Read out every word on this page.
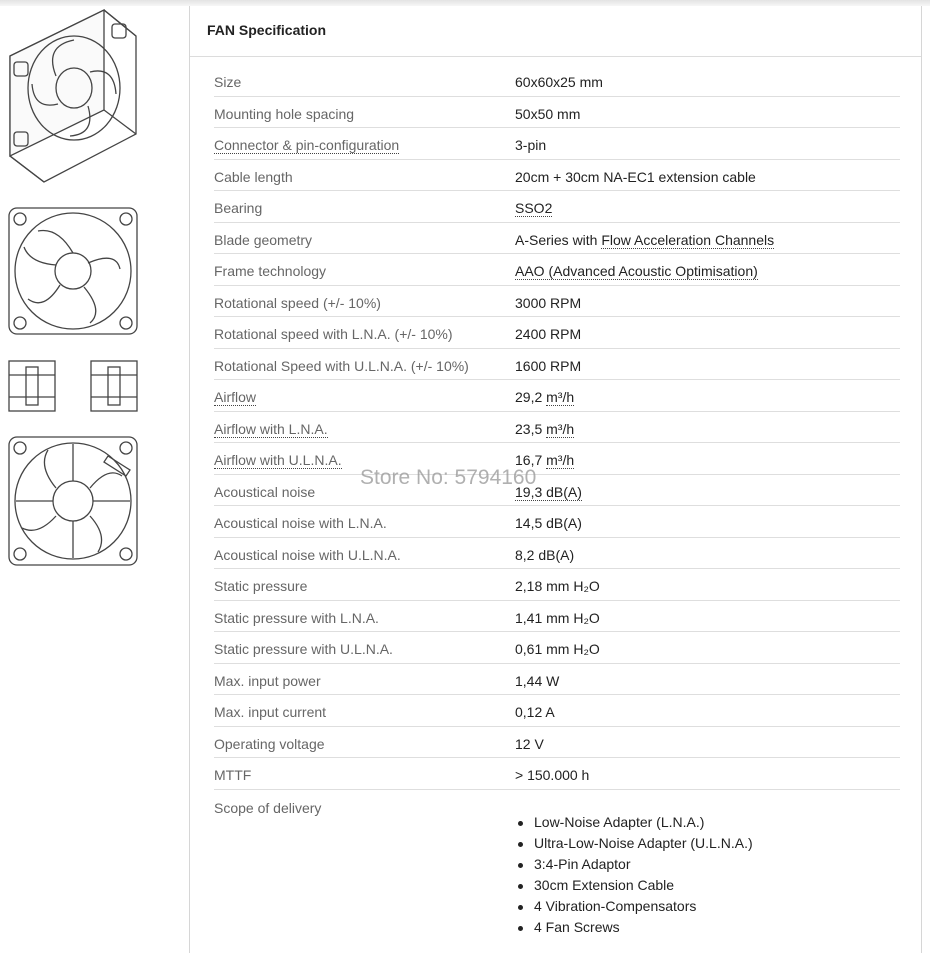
FAN Specification
Size	60x60x25 mm
Mounting hole spacing	50x50 mm
Connector & pin-configuration	3-pin
Cable length	20cm + 30cm NA-EC1 extension cable
Bearing	SSO2
Blade geometry	A-Series with Flow Acceleration Channels
Frame technology	AAO (Advanced Acoustic Optimisation)
Rotational speed (+/- 10%)	3000 RPM
Rotational speed with L.N.A. (+/- 10%)	2400 RPM
Rotational Speed with U.L.N.A. (+/- 10%)	1600 RPM
Airflow	29,2 m³/h
Airflow with L.N.A.	23,5 m³/h
Airflow with U.L.N.A.	16,7 m³/h
Acoustical noise	19,3 dB(A)
Acoustical noise with L.N.A.	14,5 dB(A)
Acoustical noise with U.L.N.A.	8,2 dB(A)
Static pressure	2,18 mm H₂O
Static pressure with L.N.A.	1,41 mm H₂O
Static pressure with U.L.N.A.	0,61 mm H₂O
Max. input power	1,44 W
Max. input current	0,12 A
Operating voltage	12 V
MTTF	> 150.000 h
Scope of delivery
Low-Noise Adapter (L.N.A.)
Ultra-Low-Noise Adapter (U.L.N.A.)
3:4-Pin Adaptor
30cm Extension Cable
4 Vibration-Compensators
4 Fan Screws
Store No: 5794160
